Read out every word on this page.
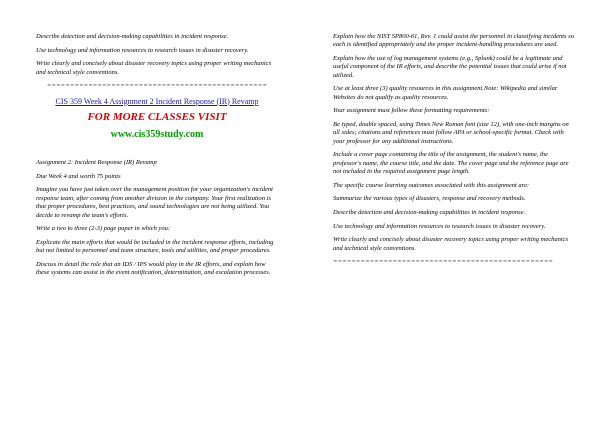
Describe detection and decision-making capabilities in incident response.

Use technology and information resources to research issues in disaster recovery.

Write clearly and concisely about disaster recovery topics using proper writing mechanics and technical style conventions.

================================================
CIS 359 Week 4 Assignment 2 Incident Response (IR) Revamp
FOR MORE CLASSES VISIT
www.cis359study.com

Assignment 2: Incident Response (IR) Revamp

Due Week 4 and worth 75 points

Imagine you have just taken over the management position for your organization's incident response team, after coming from another division in the company. Your first realization is that proper procedures, best practices, and sound technologies are not being utilized. You decide to revamp the team's efforts.

Write a two to three (2-3) page paper in which you:

Explicate the main efforts that would be included in the incident response efforts, including but not limited to personnel and team structure, tools and utilities, and proper procedures.

Discuss in detail the role that an IDS / IPS would play in the IR efforts, and explain how these systems can assist in the event notification, determination, and escalation processes.

Explain how the NIST SP800-61, Rev. 1 could assist the personnel in classifying incidents so each is identified appropriately and the proper incident-handling procedures are used.

Explain how the use of log management systems (e.g., Splunk) could be a legitimate and useful component of the IR efforts, and describe the potential issues that could arise if not utilized.

Use at least three (3) quality resources in this assignment.Note: Wikipedia and similar Websites do not qualify as quality resources.

Your assignment must follow these formatting requirements:

Be typed, double spaced, using Times New Roman font (size 12), with one-inch margins on all sides; citations and references must follow APA or school-specific format. Check with your professor for any additional instructions.

Include a cover page containing the title of the assignment, the student's name, the professor's name, the course title, and the date. The cover page and the reference page are not included in the required assignment page length.

The specific course learning outcomes associated with this assignment are:

Summarize the various types of disasters, response and recovery methods.

Describe detection and decision-making capabilities in incident response.

Use technology and information resources to research issues in disaster recovery.

Write clearly and concisely about disaster recovery topics using proper writing mechanics and technical style conventions.

================================================
